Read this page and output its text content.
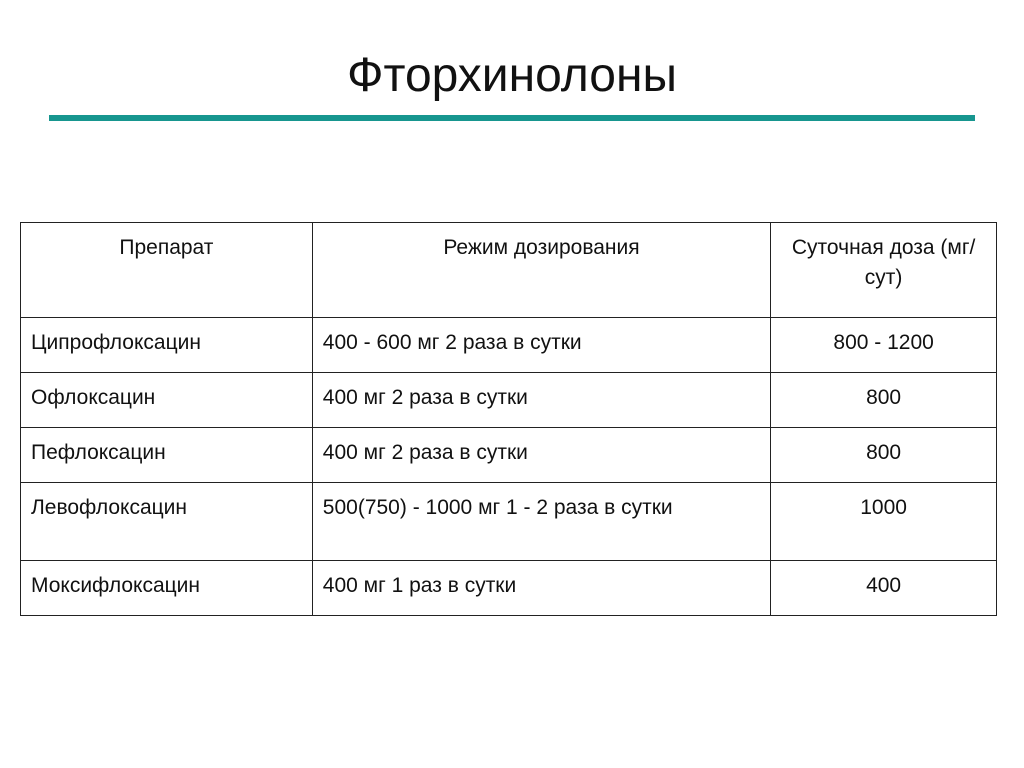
Фторхинолоны
Препарат	Режим дозирования	Суточная доза (мг/сут)
Ципрофлоксацин	400 - 600 мг 2 раза в сутки	800 - 1200
Офлоксацин	400 мг 2 раза в сутки	800
Пефлоксацин	400 мг 2 раза в сутки	800
Левофлоксацин	500(750) - 1000 мг 1 - 2 раза в сутки	1000
Моксифлоксацин	400 мг 1 раз в сутки	400
